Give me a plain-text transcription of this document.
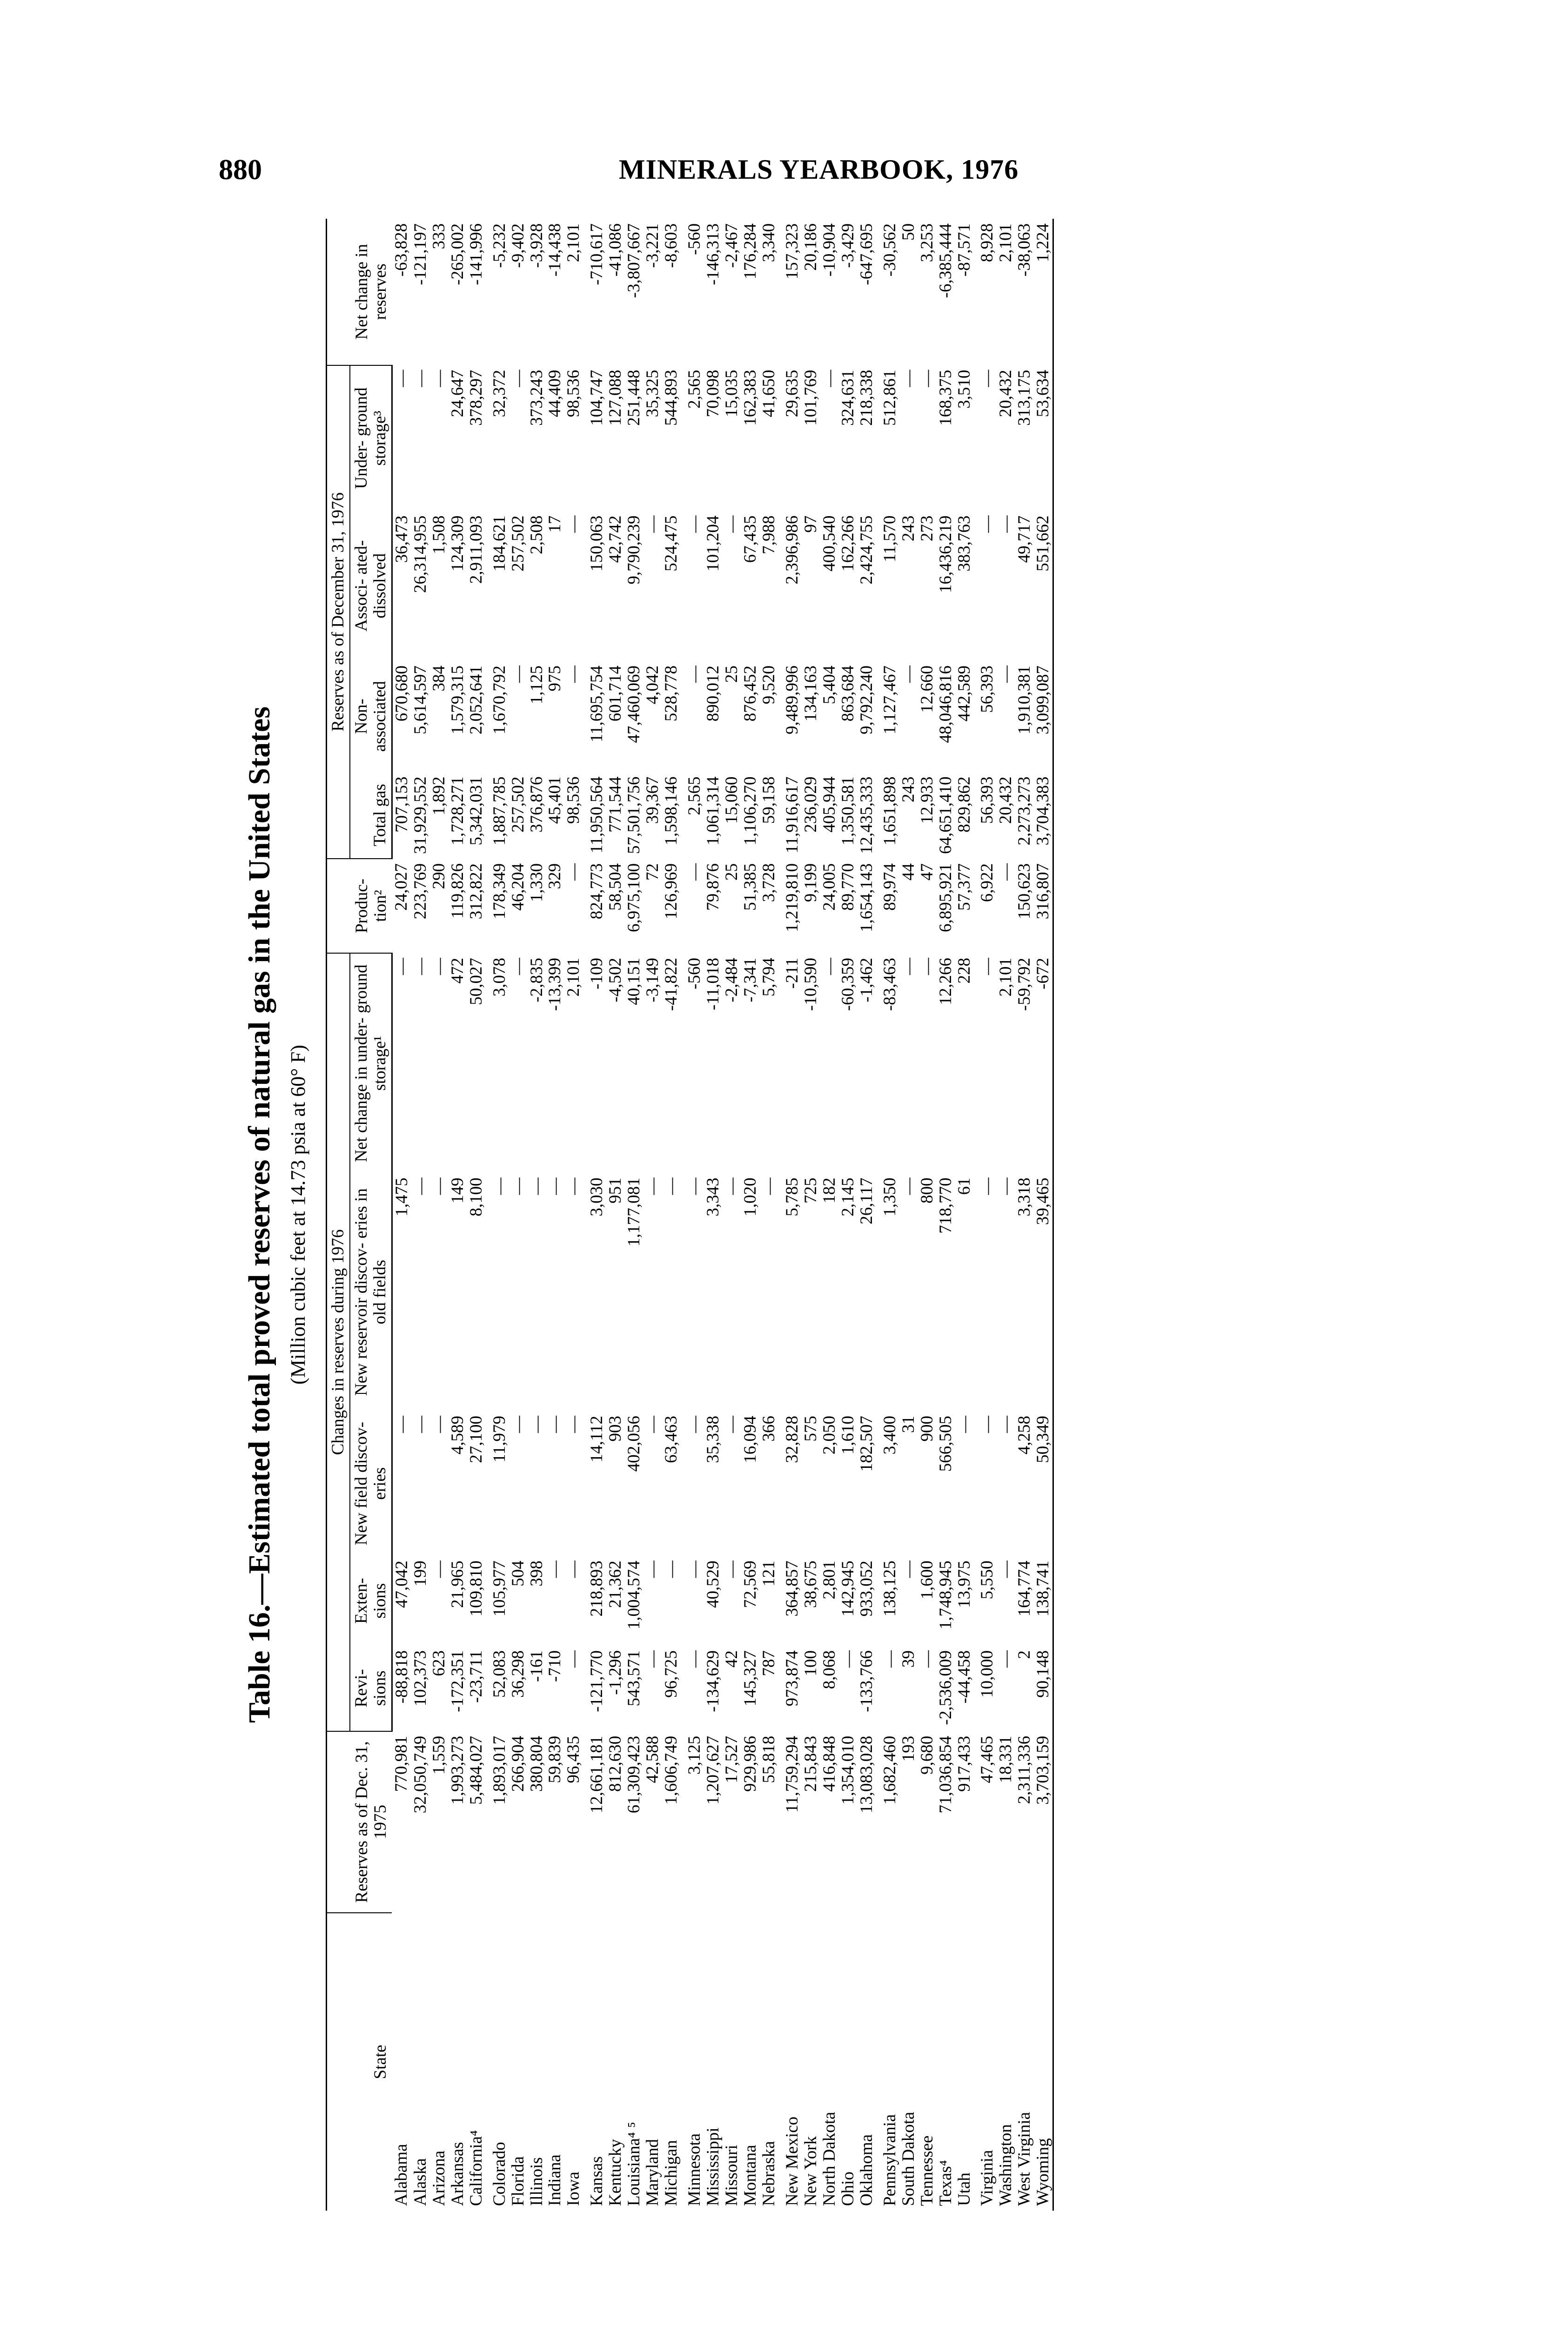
880	MINERALS YEARBOOK, 1976
Table 16.—Estimated total proved reserves of natural gas in the United States (Million cubic feet at 14.73 psia at 60° F)
State	Reserves as of Dec. 31, 1975	Changes in reserves during 1976					Produc- tion²	Reserves as of December 31, 1976				Net change in reserves
		Revi- sions	Exten- sions	New field discov- eries	New reservoir discov- eries in old fields	Net change in under- ground storage¹		Total gas	Non- associated	Associ- ated- dissolved	Under- ground storage³	
Alabama	770,981	-88,818	47,042	—	1,475	—	24,027	707,153	670,680	36,473	—	-63,828
Alaska	32,050,749	102,373	199	—	—	—	223,769	31,929,552	5,614,597	26,314,955	—	-121,197
Arizona	1,559	623	—	—	—	—	290	1,892	384	1,508	—	333
Arkansas	1,993,273	-172,351	21,965	4,589	149	472	119,826	1,728,271	1,579,315	124,309	24,647	-265,002
California⁴	5,484,027	-23,711	109,810	27,100	8,100	50,027	312,822	5,342,031	2,052,641	2,911,093	378,297	-141,996
Colorado	1,893,017	52,083	105,977	11,979	—	3,078	178,349	1,887,785	1,670,792	184,621	32,372	-5,232
Florida	266,904	36,298	504	—	—	—	46,204	257,502	—	257,502	—	-9,402
Illinois	380,804	-161	398	—	—	-2,835	1,330	376,876	1,125	2,508	373,243	-3,928
Indiana	59,839	-710	—	—	—	-13,399	329	45,401	975	17	44,409	-14,438
Iowa	96,435	—	—	—	—	2,101	—	98,536	—	—	98,536	2,101
Kansas	12,661,181	-121,770	218,893	14,112	3,030	-109	824,773	11,950,564	11,695,754	150,063	104,747	-710,617
Kentucky	812,630	-1,296	21,362	903	951	-4,502	58,504	771,544	601,714	42,742	127,088	-41,086
Louisiana⁴ ⁵	61,309,423	543,571	1,004,574	402,056	1,177,081	40,151	6,975,100	57,501,756	47,460,069	9,790,239	251,448	-3,807,667
Maryland	42,588	—	—	—	—	-3,149	72	39,367	4,042	—	35,325	-3,221
Michigan	1,606,749	96,725	—	63,463	—	-41,822	126,969	1,598,146	528,778	524,475	544,893	-8,603
Minnesota	3,125	—	—	—	—	-560	—	2,565	—	—	2,565	-560
Mississippi	1,207,627	-134,629	40,529	35,338	3,343	-11,018	79,876	1,061,314	890,012	101,204	70,098	-146,313
Missouri	17,527	42	—	—	—	-2,484	25	15,060	25	—	15,035	-2,467
Montana	929,986	145,327	72,569	16,094	1,020	-7,341	51,385	1,106,270	876,452	67,435	162,383	176,284
Nebraska	55,818	787	121	366	—	5,794	3,728	59,158	9,520	7,988	41,650	3,340
New Mexico	11,759,294	973,874	364,857	32,828	5,785	-211	1,219,810	11,916,617	9,489,996	2,396,986	29,635	157,323
New York	215,843	100	38,675	575	725	-10,590	9,199	236,029	134,163	97	101,769	20,186
North Dakota	416,848	8,068	2,801	2,050	182	—	24,005	405,944	5,404	400,540	—	-10,904
Ohio	1,354,010	—	142,945	1,610	2,145	-60,359	89,770	1,350,581	863,684	162,266	324,631	-3,429
Oklahoma	13,083,028	-133,766	933,052	182,507	26,117	-1,462	1,654,143	12,435,333	9,792,240	2,424,755	218,338	-647,695
Pennsylvania	1,682,460	—	138,125	3,400	1,350	-83,463	89,974	1,651,898	1,127,467	11,570	512,861	-30,562
South Dakota	193	39	—	31	—	—	44	243	—	243	—	50
Tennessee	9,680	—	1,600	900	800	—	47	12,933	12,660	273	—	3,253
Texas⁴	71,036,854	-2,536,009	1,748,945	566,505	718,770	12,266	6,895,921	64,651,410	48,046,816	16,436,219	168,375	-6,385,444
Utah	917,433	-44,458	13,975	—	61	228	57,377	829,862	442,589	383,763	3,510	-87,571
Virginia	47,465	10,000	5,550	—	—	—	6,922	56,393	56,393	—	—	8,928
Washington	18,331	—	—	—	—	2,101	—	20,432	—	—	20,432	2,101
West Virginia	2,311,336	2	164,774	4,258	3,318	-59,792	150,623	2,273,273	1,910,381	49,717	313,175	-38,063
Wyoming	3,703,159	90,148	138,741	50,349	39,465	-672	316,807	3,704,383	3,099,087	551,662	53,634	1,224
